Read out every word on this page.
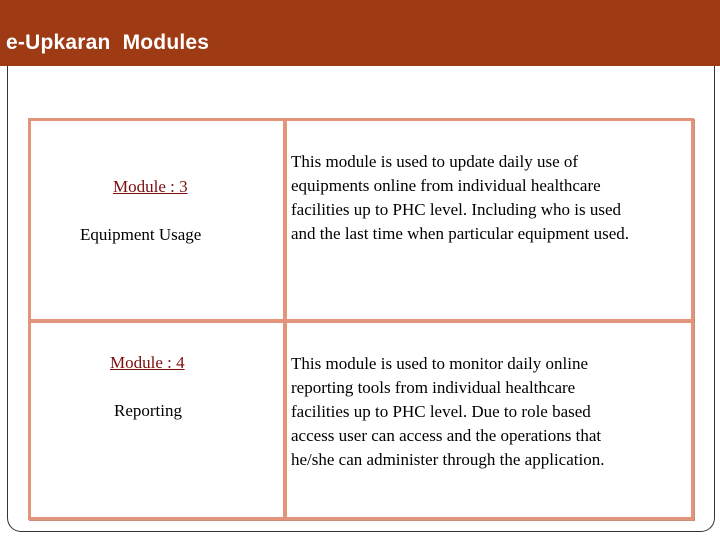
e-Upkaran  Modules
Module : 3
Equipment Usage
This module is used to update daily use of
equipments online from individual healthcare
facilities up to PHC level. Including who is used
and the last time when particular equipment used.
Module : 4
Reporting
This module is used to monitor daily online
reporting tools from individual healthcare
facilities up to PHC level. Due to role based
access user can access and the operations that
he/she can administer through the application.
